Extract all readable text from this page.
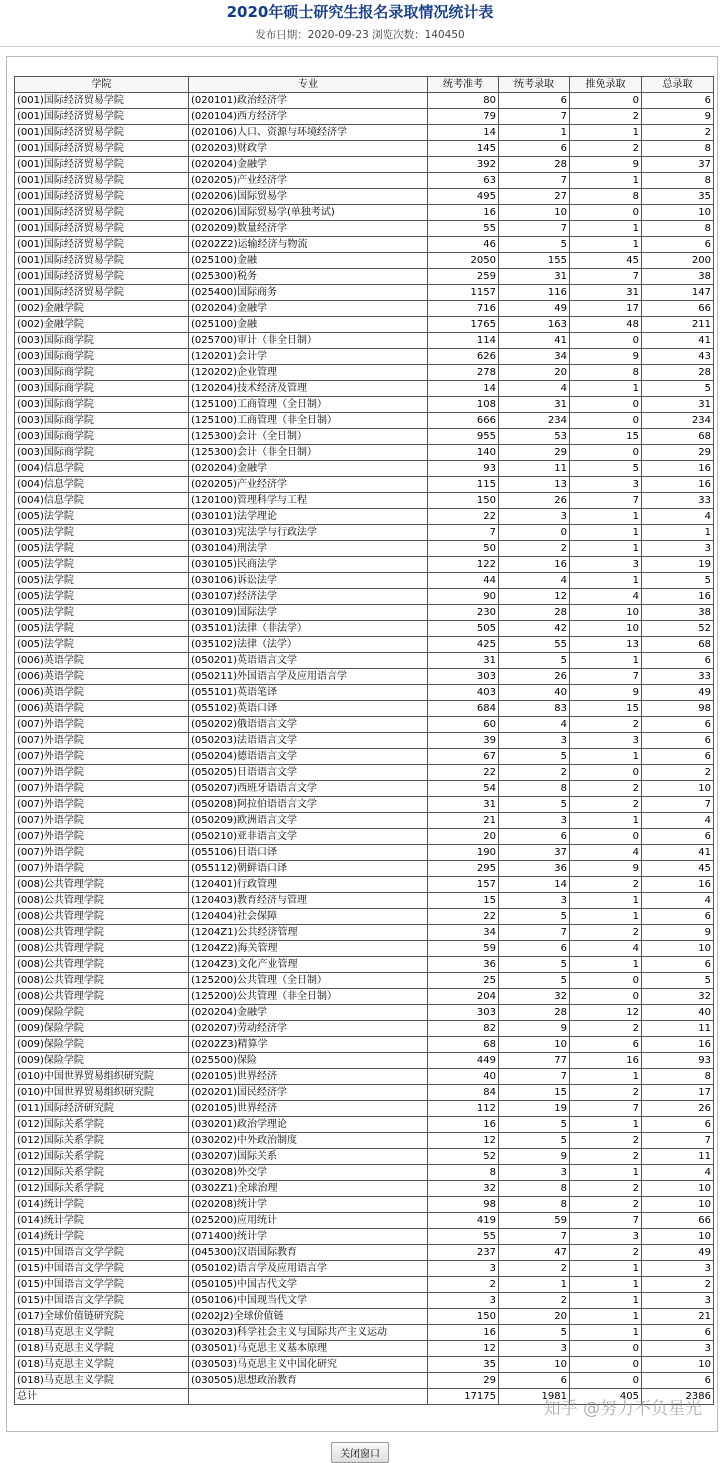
2020年硕士研究生报名录取情况统计表
发布日期：2020-09-23 浏览次数：140450
学院	专业	统考准考	统考录取	推免录取	总录取
(001)国际经济贸易学院	(020101)政治经济学	80	6	0	6
(001)国际经济贸易学院	(020104)西方经济学	79	7	2	9
(001)国际经济贸易学院	(020106)人口、资源与环境经济学	14	1	1	2
(001)国际经济贸易学院	(020203)财政学	145	6	2	8
(001)国际经济贸易学院	(020204)金融学	392	28	9	37
(001)国际经济贸易学院	(020205)产业经济学	63	7	1	8
(001)国际经济贸易学院	(020206)国际贸易学	495	27	8	35
(001)国际经济贸易学院	(020206)国际贸易学(单独考试)	16	10	0	10
(001)国际经济贸易学院	(020209)数量经济学	55	7	1	8
(001)国际经济贸易学院	(0202Z2)运输经济与物流	46	5	1	6
(001)国际经济贸易学院	(025100)金融	2050	155	45	200
(001)国际经济贸易学院	(025300)税务	259	31	7	38
(001)国际经济贸易学院	(025400)国际商务	1157	116	31	147
(002)金融学院	(020204)金融学	716	49	17	66
(002)金融学院	(025100)金融	1765	163	48	211
(003)国际商学院	(025700)审计（非全日制）	114	41	0	41
(003)国际商学院	(120201)会计学	626	34	9	43
(003)国际商学院	(120202)企业管理	278	20	8	28
(003)国际商学院	(120204)技术经济及管理	14	4	1	5
(003)国际商学院	(125100)工商管理（全日制）	108	31	0	31
(003)国际商学院	(125100)工商管理（非全日制）	666	234	0	234
(003)国际商学院	(125300)会计（全日制）	955	53	15	68
(003)国际商学院	(125300)会计（非全日制）	140	29	0	29
(004)信息学院	(020204)金融学	93	11	5	16
(004)信息学院	(020205)产业经济学	115	13	3	16
(004)信息学院	(120100)管理科学与工程	150	26	7	33
(005)法学院	(030101)法学理论	22	3	1	4
(005)法学院	(030103)宪法学与行政法学	7	0	1	1
(005)法学院	(030104)刑法学	50	2	1	3
(005)法学院	(030105)民商法学	122	16	3	19
(005)法学院	(030106)诉讼法学	44	4	1	5
(005)法学院	(030107)经济法学	90	12	4	16
(005)法学院	(030109)国际法学	230	28	10	38
(005)法学院	(035101)法律（非法学）	505	42	10	52
(005)法学院	(035102)法律（法学）	425	55	13	68
(006)英语学院	(050201)英语语言文学	31	5	1	6
(006)英语学院	(050211)外国语言学及应用语言学	303	26	7	33
(006)英语学院	(055101)英语笔译	403	40	9	49
(006)英语学院	(055102)英语口译	684	83	15	98
(007)外语学院	(050202)俄语语言文学	60	4	2	6
(007)外语学院	(050203)法语语言文学	39	3	3	6
(007)外语学院	(050204)德语语言文学	67	5	1	6
(007)外语学院	(050205)日语语言文学	22	2	0	2
(007)外语学院	(050207)西班牙语语言文学	54	8	2	10
(007)外语学院	(050208)阿拉伯语语言文学	31	5	2	7
(007)外语学院	(050209)欧洲语言文学	21	3	1	4
(007)外语学院	(050210)亚非语言文学	20	6	0	6
(007)外语学院	(055106)日语口译	190	37	4	41
(007)外语学院	(055112)朝鲜语口译	295	36	9	45
(008)公共管理学院	(120401)行政管理	157	14	2	16
(008)公共管理学院	(120403)教育经济与管理	15	3	1	4
(008)公共管理学院	(120404)社会保障	22	5	1	6
(008)公共管理学院	(1204Z1)公共经济管理	34	7	2	9
(008)公共管理学院	(1204Z2)海关管理	59	6	4	10
(008)公共管理学院	(1204Z3)文化产业管理	36	5	1	6
(008)公共管理学院	(125200)公共管理（全日制）	25	5	0	5
(008)公共管理学院	(125200)公共管理（非全日制）	204	32	0	32
(009)保险学院	(020204)金融学	303	28	12	40
(009)保险学院	(020207)劳动经济学	82	9	2	11
(009)保险学院	(0202Z3)精算学	68	10	6	16
(009)保险学院	(025500)保险	449	77	16	93
(010)中国世界贸易组织研究院	(020105)世界经济	40	7	1	8
(010)中国世界贸易组织研究院	(020201)国民经济学	84	15	2	17
(011)国际经济研究院	(020105)世界经济	112	19	7	26
(012)国际关系学院	(030201)政治学理论	16	5	1	6
(012)国际关系学院	(030202)中外政治制度	12	5	2	7
(012)国际关系学院	(030207)国际关系	52	9	2	11
(012)国际关系学院	(030208)外交学	8	3	1	4
(012)国际关系学院	(0302Z1)全球治理	32	8	2	10
(014)统计学院	(020208)统计学	98	8	2	10
(014)统计学院	(025200)应用统计	419	59	7	66
(014)统计学院	(071400)统计学	55	7	3	10
(015)中国语言文学学院	(045300)汉语国际教育	237	47	2	49
(015)中国语言文学学院	(050102)语言学及应用语言学	3	2	1	3
(015)中国语言文学学院	(050105)中国古代文学	2	1	1	2
(015)中国语言文学学院	(050106)中国现当代文学	3	2	1	3
(017)全球价值链研究院	(0202J2)全球价值链	150	20	1	21
(018)马克思主义学院	(030203)科学社会主义与国际共产主义运动	16	5	1	6
(018)马克思主义学院	(030501)马克思主义基本原理	12	3	0	3
(018)马克思主义学院	(030503)马克思主义中国化研究	35	10	0	10
(018)马克思主义学院	(030505)思想政治教育	29	6	0	6
总计		17175	1981	405	2386
知乎 @努力不负星光
关闭窗口
